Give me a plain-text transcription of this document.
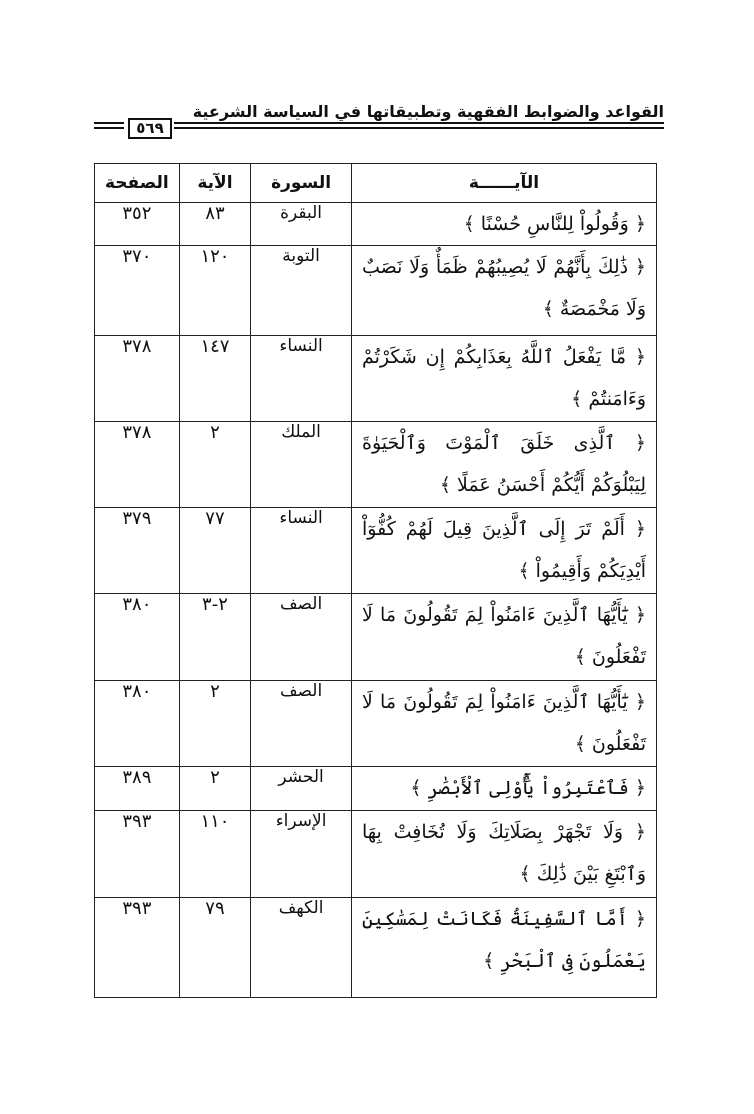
القواعد والضوابط الفقهية وتطبيقاتها في السياسة الشرعية
٥٦٩
الآيــــــة	السورة	الآية	الصفحة
﴿ وَقُولُواْ لِلنَّاسِ حُسْنًا ﴾	البقرة	٨٣	٣٥٢
﴿ ذَٰلِكَ بِأَنَّهُمْ لَا يُصِيبُهُمْ ظَمَأٌ وَلَا نَصَبٌ وَلَا مَخْمَصَةٌ ﴾	التوبة	١٢٠	٣٧٠
﴿ مَّا يَفْعَلُ ٱللَّهُ بِعَذَابِكُمْ إِن شَكَرْتُمْ وَءَامَنتُمْ ﴾	النساء	١٤٧	٣٧٨
﴿ ٱلَّذِى خَلَقَ ٱلْمَوْتَ وَٱلْحَيَوٰةَ لِيَبْلُوَكُمْ أَيُّكُمْ أَحْسَنُ عَمَلًا ﴾	الملك	٢	٣٧٨
﴿ أَلَمْ تَرَ إِلَى ٱلَّذِينَ قِيلَ لَهُمْ كُفُّوٓاْ أَيْدِيَكُمْ وَأَقِيمُواْ ﴾	النساء	٧٧	٣٧٩
﴿ يَٰٓأَيُّهَا ٱلَّذِينَ ءَامَنُواْ لِمَ تَقُولُونَ مَا لَا تَفْعَلُونَ ﴾	الصف	٢-٣	٣٨٠
﴿ يَٰٓأَيُّهَا ٱلَّذِينَ ءَامَنُواْ لِمَ تَقُولُونَ مَا لَا تَفْعَلُونَ ﴾	الصف	٢	٣٨٠
﴿ فَٱعْتَبِرُواْ يَٰٓأُوْلِى ٱلْأَبْصَٰرِ ﴾	الحشر	٢	٣٨٩
﴿ وَلَا تَجْهَرْ بِصَلَاتِكَ وَلَا تُخَافِتْ بِهَا وَٱبْتَغِ بَيْنَ ذَٰلِكَ ﴾	الإسراء	١١٠	٣٩٣
﴿ أَمَّا ٱلسَّفِينَةُ فَكَانَتْ لِمَسَٰكِينَ يَعْمَلُونَ فِى ٱلْبَحْرِ ﴾	الكهف	٧٩	٣٩٣
